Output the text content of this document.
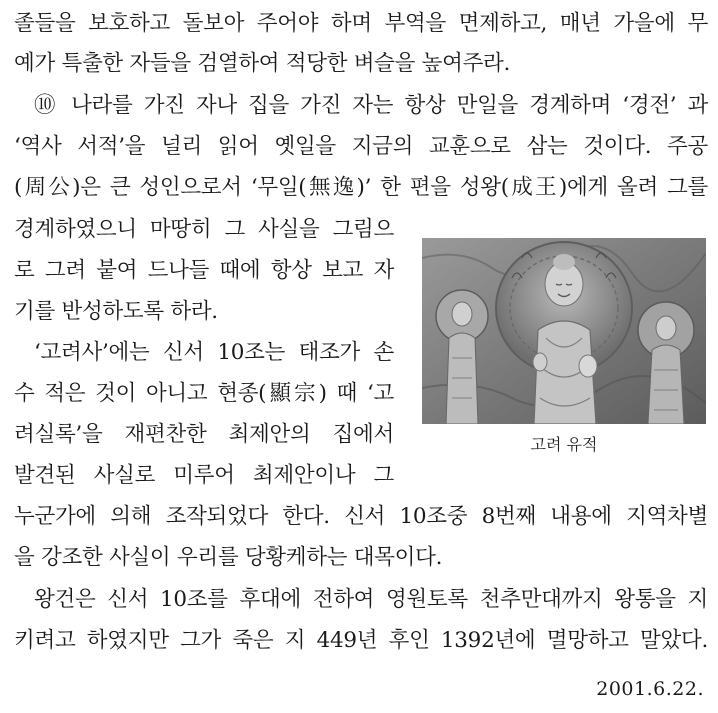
졸들을 보호하고 돌보아 주어야 하며 부역을 면제하고, 매년 가을에 무
예가 특출한 자들을 검열하여 적당한 벼슬을 높여주라.
⑩ 나라를 가진 자나 집을 가진 자는 항상 만일을 경계하며 ‘경전’ 과
‘역사 서적’을 널리 읽어 옛일을 지금의 교훈으로 삼는 것이다. 주공
(周公)은 큰 성인으로서 ‘무일(無逸)’ 한 편을 성왕(成王)에게 올려 그를
경계하였으니 마땅히 그 사실을 그림으
로 그려 붙여 드나들 때에 항상 보고 자
기를 반성하도록 하라.
‘고려사’에는 신서 10조는 태조가 손
수 적은 것이 아니고 현종(顯宗) 때 ‘고
려실록’을 재편찬한 최제안의 집에서
발견된 사실로 미루어 최제안이나 그
누군가에 의해 조작되었다 한다. 신서 10조중 8번째 내용에 지역차별
을 강조한 사실이 우리를 당황케하는 대목이다.
왕건은 신서 10조를 후대에 전하여 영원토록 천추만대까지 왕통을 지
키려고 하였지만 그가 죽은 지 449년 후인 1392년에 멸망하고 말았다.
고려 유적
2001.6.22.
